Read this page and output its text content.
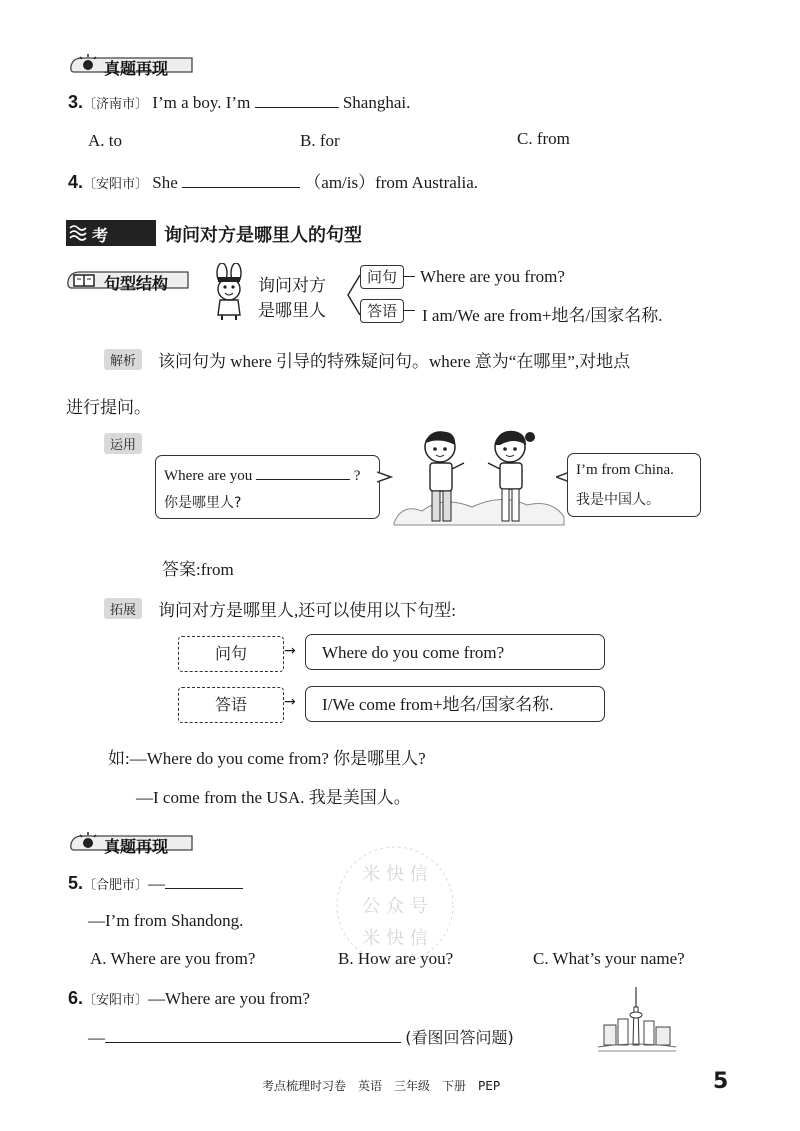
真题再现
3.〔济南市〕 I’m a boy. I’m	Shanghai.
A. to	B. for	C. from
4.〔安阳市〕 She	（am/is）from Australia.
考点
询问对方是哪里人的句型
句型结构	询问对方
是哪里人
问句	Where are you from?
答语	I am/We are from+地名/国家名称.
解析	该问句为 where 引导的特殊疑问句。where 意为“在哪里”,对地点
进行提问。
运用
Where are you	?
你是哪里人?
I’m from China.
我是中国人。
答案:from
拓展	询问对方是哪里人,还可以使用以下句型:
问句	→	Where do you come from?
答语	→	I/We come from+地名/国家名称.
如:—Where do you come from? 你是哪里人?
—I come from the USA. 我是美国人。
真题再现
米 快 信
公 众 号
米 快 信
5.〔合肥市〕—
—I’m from Shandong.
A. Where are you from?	B. How are you?	C. What’s your name?
6.〔安阳市〕—Where are you from?
—	(看图回答问题)
考点梳理时习卷　英语　三年级　下册　PEP	5
